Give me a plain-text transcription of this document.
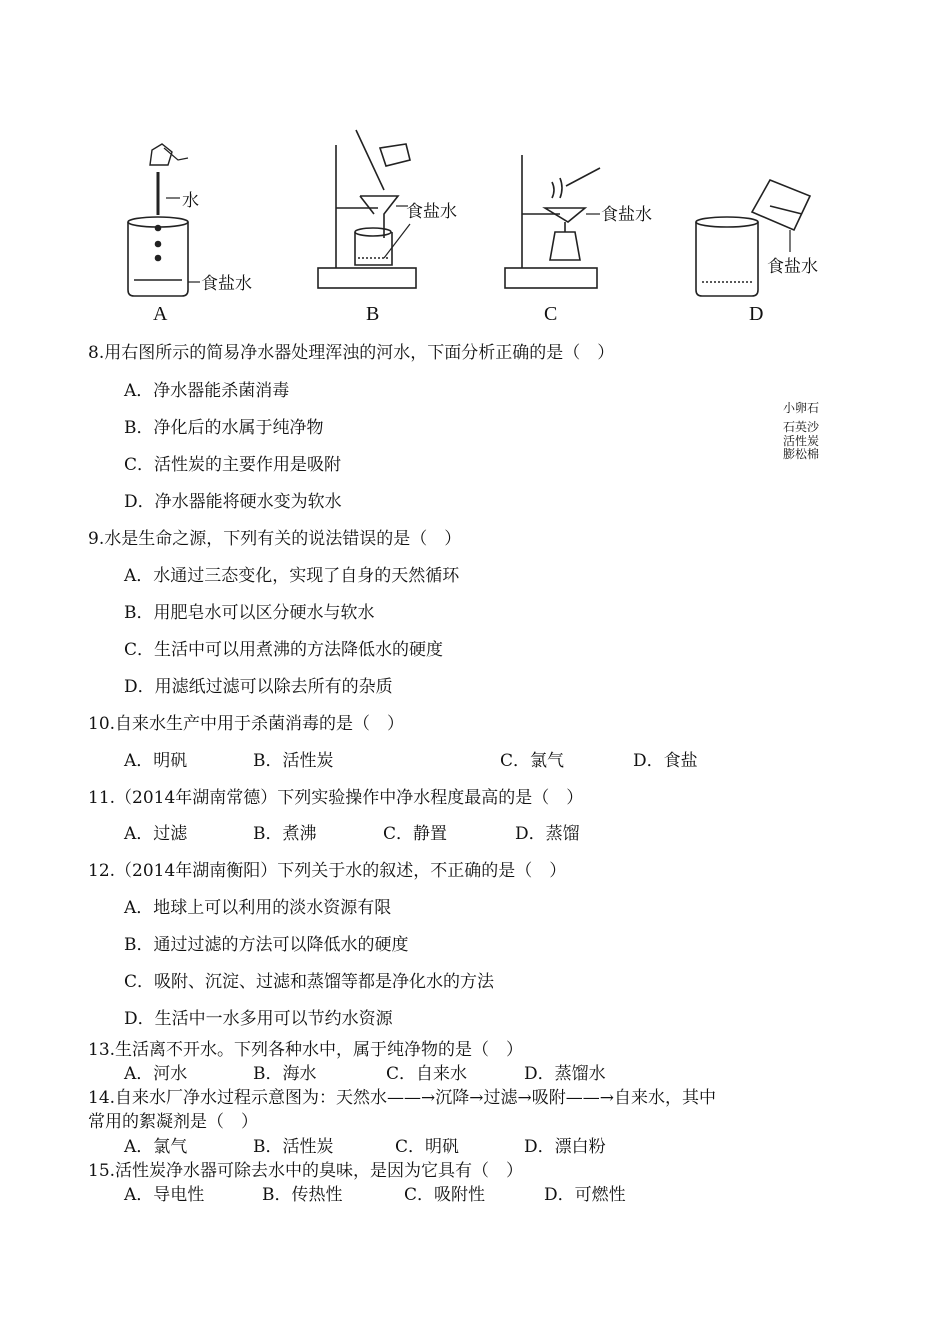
水
食盐水
食盐水	食盐水
食盐水
A	B	C	D
小卵石
石英沙
活性炭
膨松棉
8.用右图所示的简易净水器处理浑浊的河水，下面分析正确的是（　）
A．净水器能杀菌消毒
B．净化后的水属于纯净物
C．活性炭的主要作用是吸附
D．净水器能将硬水变为软水
9.水是生命之源，下列有关的说法错误的是（　）
A．水通过三态变化，实现了自身的天然循环
B．用肥皂水可以区分硬水与软水
C．生活中可以用煮沸的方法降低水的硬度
D．用滤纸过滤可以除去所有的杂质
10.自来水生产中用于杀菌消毒的是（　）
A．明矾	B．活性炭	C．氯气	D．食盐
11.（2014年湖南常德）下列实验操作中净水程度最高的是（　）
A．过滤	B．煮沸	C．静置	D．蒸馏
12.（2014年湖南衡阳）下列关于水的叙述，不正确的是（　）
A．地球上可以利用的淡水资源有限
B．通过过滤的方法可以降低水的硬度
C．吸附、沉淀、过滤和蒸馏等都是净化水的方法
D．生活中一水多用可以节约水资源
13.生活离不开水。下列各种水中，属于纯净物的是（　）
A．河水	B．海水	C．自来水	D．蒸馏水
14.自来水厂净水过程示意图为：天然水——→沉降→过滤→吸附——→自来水，其中
常用的絮凝剂是（　）
A．氯气	B．活性炭	C．明矾	D．漂白粉
15.活性炭净水器可除去水中的臭味，是因为它具有（　）
A．导电性	B．传热性	C．吸附性	D．可燃性
